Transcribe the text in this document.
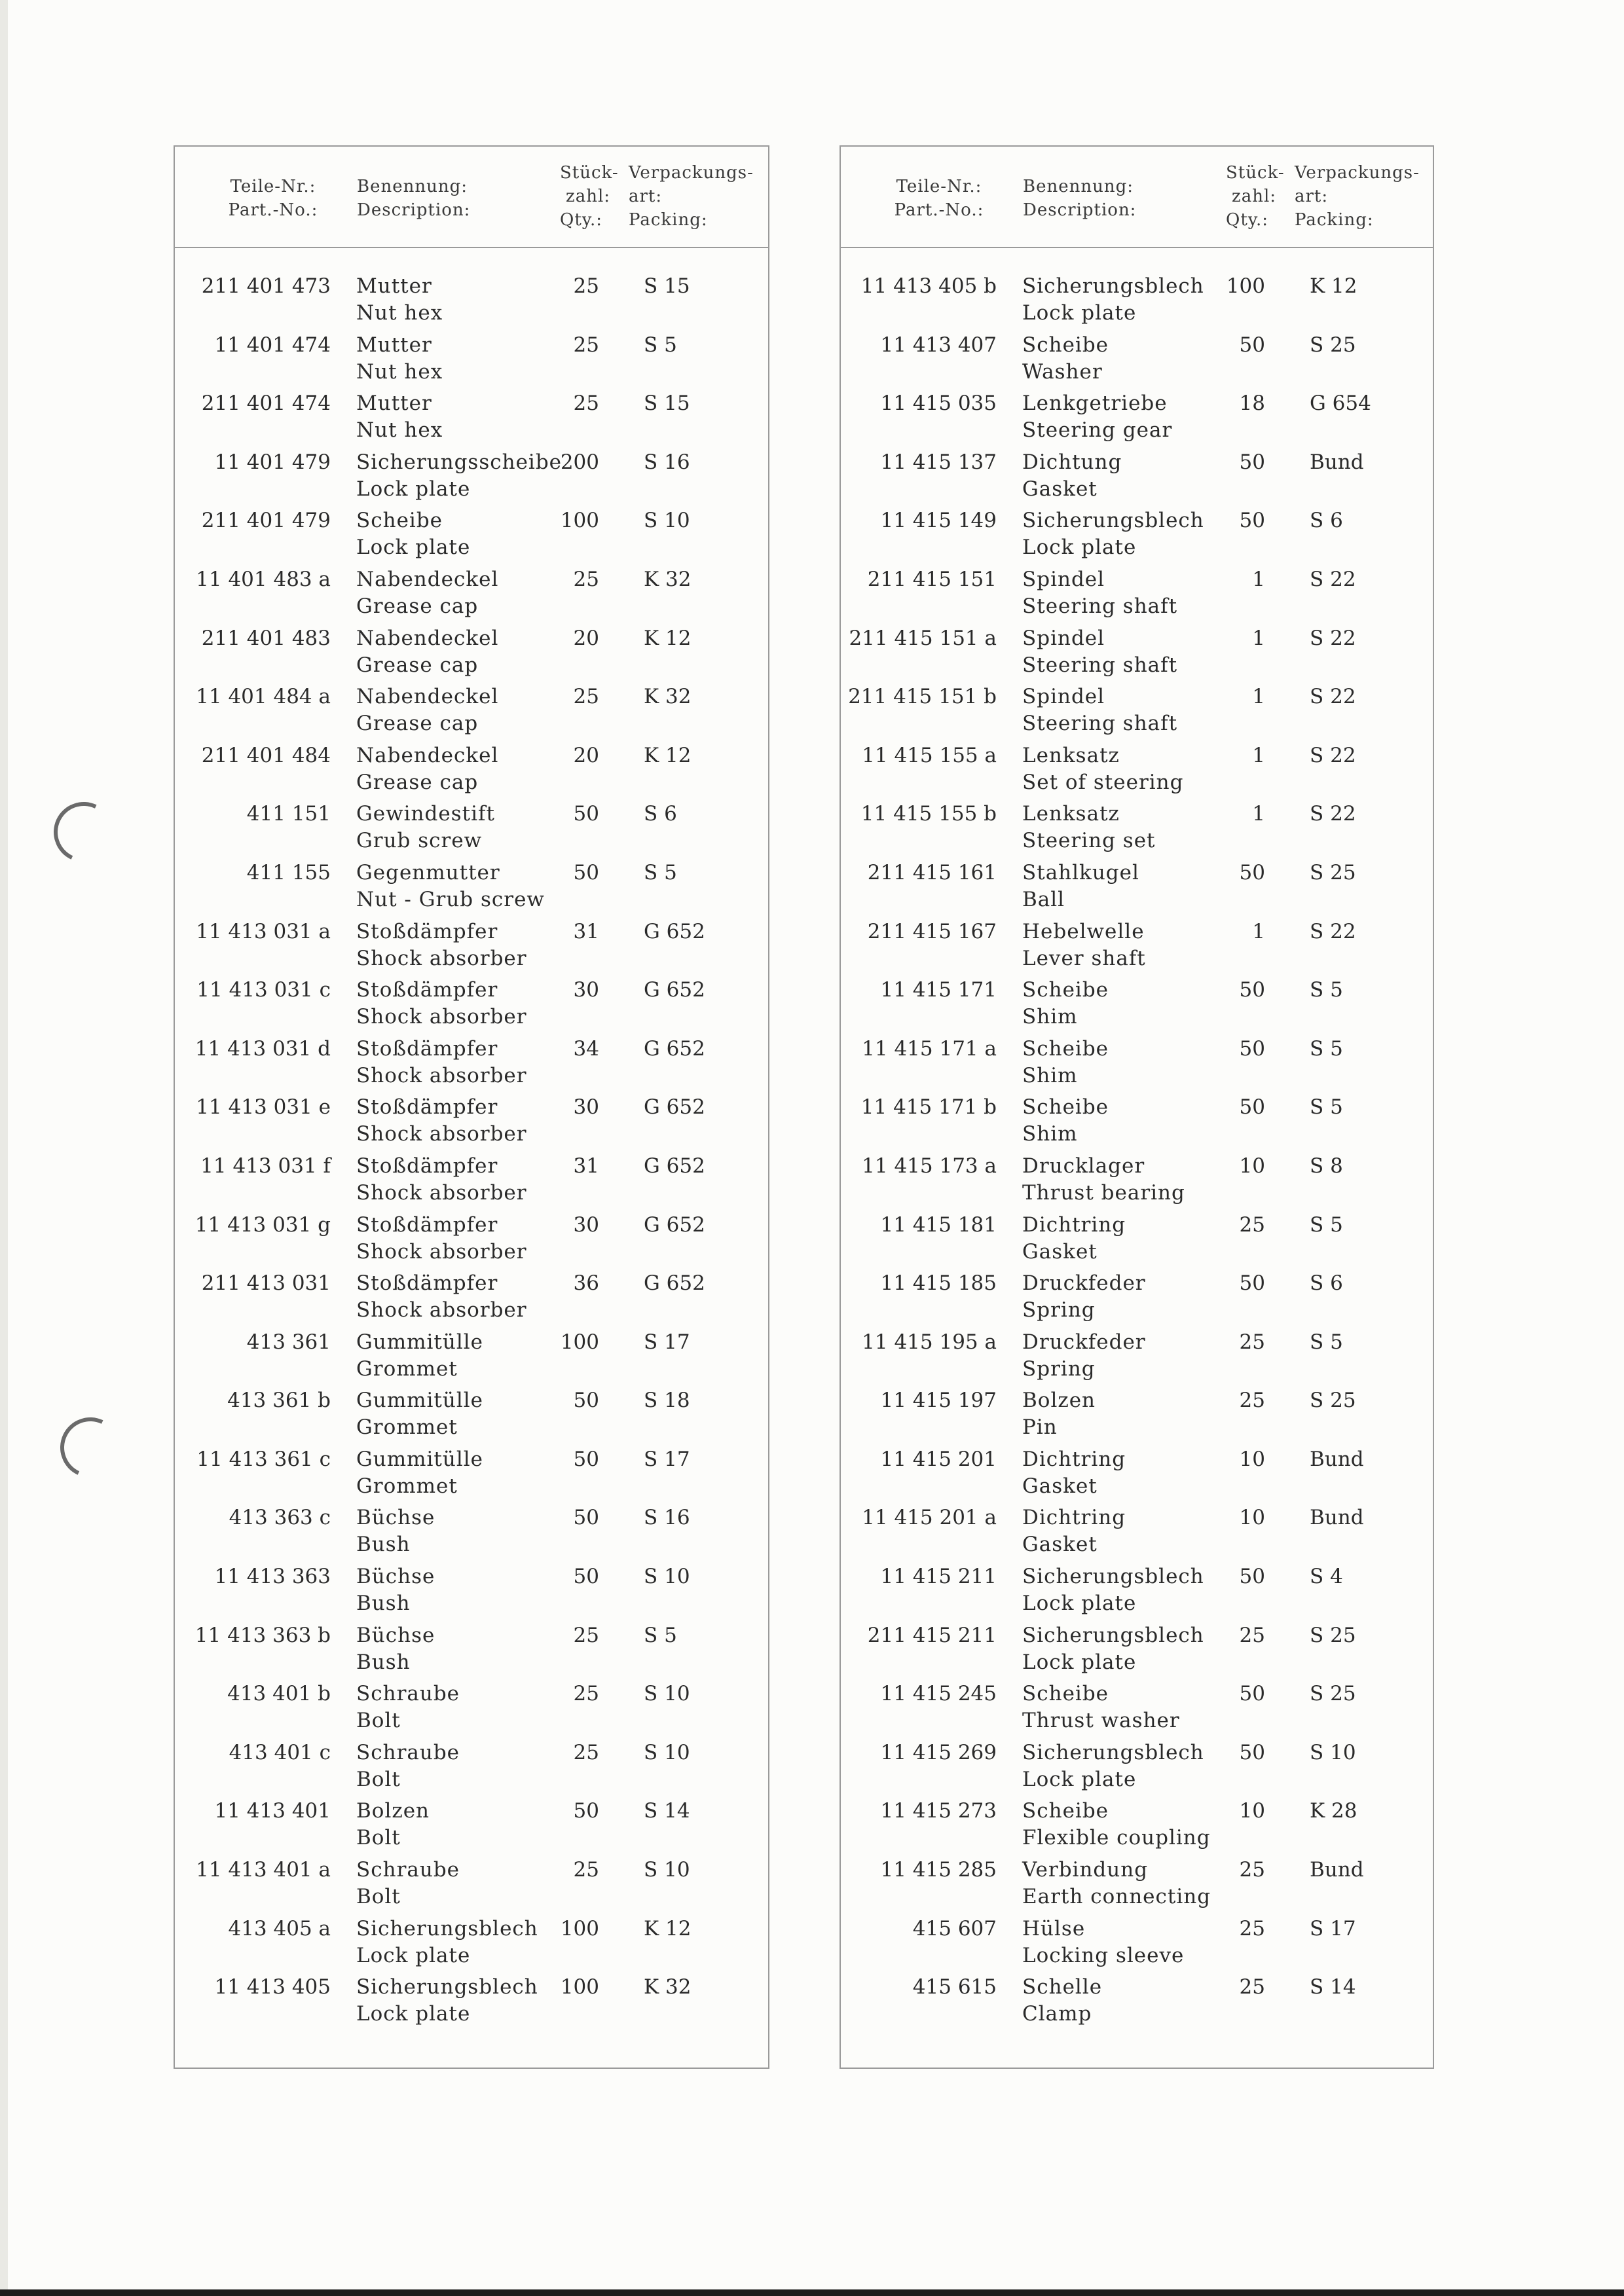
Teile-Nr.:
Part.-No.:
Benennung:
Description:
Stück-
zahl:
Qty.:
Verpackungs-
art:
Packing:
211 401 473 Mutter
Nut hex
25 S 15
11 401 474 Mutter
Nut hex
25 S 5
211 401 474 Mutter
Nut hex
25 S 15
11 401 479 Sicherungsscheibe
Lock plate
200 S 16
211 401 479 Scheibe
Lock plate
100 S 10
11 401 483 a Nabendeckel
Grease cap
25 K 32
211 401 483 Nabendeckel
Grease cap
20 K 12
11 401 484 a Nabendeckel
Grease cap
25 K 32
211 401 484 Nabendeckel
Grease cap
20 K 12
411 151 Gewindestift
Grub screw
50 S 6
411 155 Gegenmutter
Nut - Grub screw
50 S 5
11 413 031 a Stoßdämpfer
Shock absorber
31 G 652
11 413 031 c Stoßdämpfer
Shock absorber
30 G 652
11 413 031 d Stoßdämpfer
Shock absorber
34 G 652
11 413 031 e Stoßdämpfer
Shock absorber
30 G 652
11 413 031 f Stoßdämpfer
Shock absorber
31 G 652
11 413 031 g Stoßdämpfer
Shock absorber
30 G 652
211 413 031 Stoßdämpfer
Shock absorber
36 G 652
413 361 Gummitülle
Grommet
100 S 17
413 361 b Gummitülle
Grommet
50 S 18
11 413 361 c Gummitülle
Grommet
50 S 17
413 363 c Büchse
Bush
50 S 16
11 413 363 Büchse
Bush
50 S 10
11 413 363 b Büchse
Bush
25 S 5
413 401 b Schraube
Bolt
25 S 10
413 401 c Schraube
Bolt
25 S 10
11 413 401 Bolzen
Bolt
50 S 14
11 413 401 a Schraube
Bolt
25 S 10
413 405 a Sicherungsblech
Lock plate
100 K 12
11 413 405 Sicherungsblech
Lock plate
100 K 32
Teile-Nr.:
Part.-No.:
Benennung:
Description:
Stück-
zahl:
Qty.:
Verpackungs-
art:
Packing:
11 413 405 b Sicherungsblech
Lock plate
100 K 12
11 413 407 Scheibe
Washer
50 S 25
11 415 035 Lenkgetriebe
Steering gear
18 G 654
11 415 137 Dichtung
Gasket
50 Bund
11 415 149 Sicherungsblech
Lock plate
50 S 6
211 415 151 Spindel
Steering shaft
1 S 22
211 415 151 a Spindel
Steering shaft
1 S 22
211 415 151 b Spindel
Steering shaft
1 S 22
11 415 155 a Lenksatz
Set of steering
1 S 22
11 415 155 b Lenksatz
Steering set
1 S 22
211 415 161 Stahlkugel
Ball
50 S 25
211 415 167 Hebelwelle
Lever shaft
1 S 22
11 415 171 Scheibe
Shim
50 S 5
11 415 171 a Scheibe
Shim
50 S 5
11 415 171 b Scheibe
Shim
50 S 5
11 415 173 a Drucklager
Thrust bearing
10 S 8
11 415 181 Dichtring
Gasket
25 S 5
11 415 185 Druckfeder
Spring
50 S 6
11 415 195 a Druckfeder
Spring
25 S 5
11 415 197 Bolzen
Pin
25 S 25
11 415 201 Dichtring
Gasket
10 Bund
11 415 201 a Dichtring
Gasket
10 Bund
11 415 211 Sicherungsblech
Lock plate
50 S 4
211 415 211 Sicherungsblech
Lock plate
25 S 25
11 415 245 Scheibe
Thrust washer
50 S 25
11 415 269 Sicherungsblech
Lock plate
50 S 10
11 415 273 Scheibe
Flexible coupling
10 K 28
11 415 285 Verbindung
Earth connecting
25 Bund
415 607 Hülse
Locking sleeve
25 S 17
415 615 Schelle
Clamp
25 S 14
